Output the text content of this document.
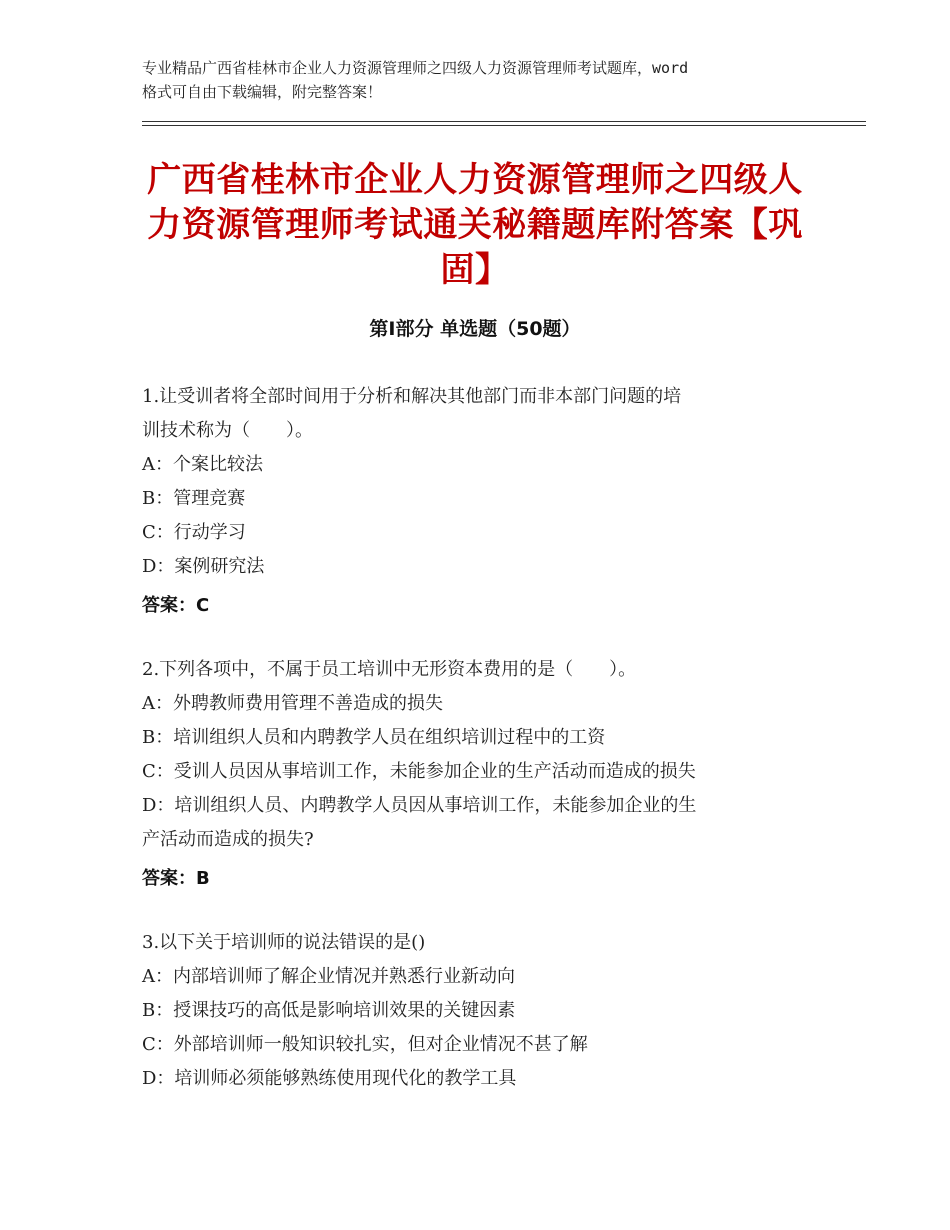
专业精品广西省桂林市企业人力资源管理师之四级人力资源管理师考试题库，word
格式可自由下载编辑，附完整答案！
广西省桂林市企业人力资源管理师之四级人
力资源管理师考试通关秘籍题库附答案【巩
固】
第Ⅰ部分 单选题（50题）
1.让受训者将全部时间用于分析和解决其他部门而非本部门问题的培
训技术称为（　　）。
A：个案比较法
B：管理竞赛
C：行动学习
D：案例研究法
答案：C
2.下列各项中，不属于员工培训中无形资本费用的是（　　）。
A：外聘教师费用管理不善造成的损失
B：培训组织人员和内聘教学人员在组织培训过程中的工资
C：受训人员因从事培训工作，未能参加企业的生产活动而造成的损失
D：培训组织人员、内聘教学人员因从事培训工作，未能参加企业的生
产活动而造成的损失?
答案：B
3.以下关于培训师的说法错误的是()
A：内部培训师了解企业情况并熟悉行业新动向
B：授课技巧的高低是影响培训效果的关键因素
C：外部培训师一般知识较扎实，但对企业情况不甚了解
D：培训师必须能够熟练使用现代化的教学工具
